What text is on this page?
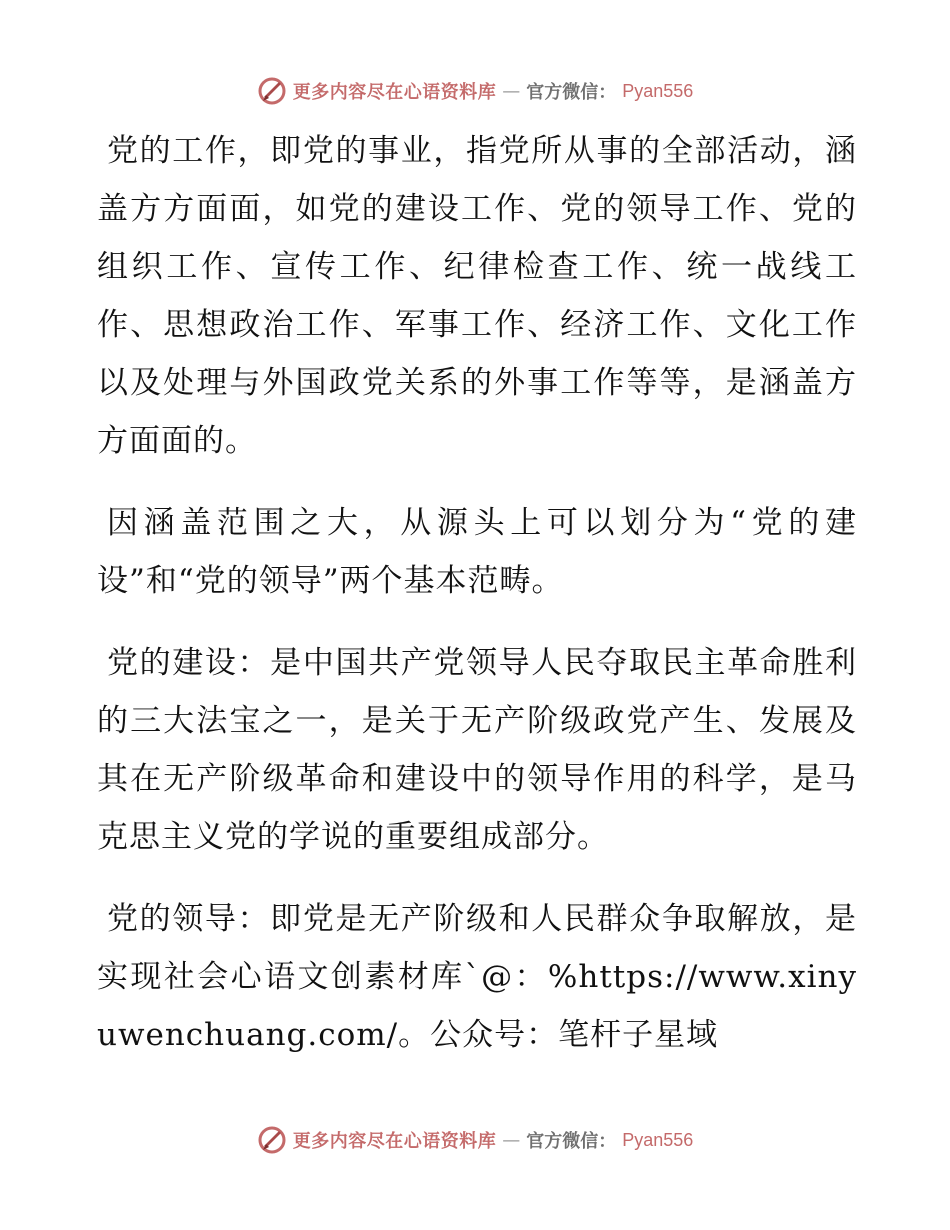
更多内容尽在心语资料库 — 官方微信： Pyan556

党的工作，即党的事业，指党所从事的全部活动，涵盖方方面面，如党的建设工作、党的领导工作、党的组织工作、宣传工作、纪律检查工作、统一战线工作、思想政治工作、军事工作、经济工作、文化工作以及处理与外国政党关系的外事工作等等，是涵盖方方面面的。

因涵盖范围之大，从源头上可以划分为“党的建设”和“党的领导”两个基本范畴。

党的建设：是中国共产党领导人民夺取民主革命胜利的三大法宝之一，是关于无产阶级政党产生、发展及其在无产阶级革命和建设中的领导作用的科学，是马克思主义党的学说的重要组成部分。

党的领导：即党是无产阶级和人民群众争取解放，是实现社会心语文创素材库`@：%https://www.xinyuwenchuang.com/。公众号：笔杆子星域

更多内容尽在心语资料库 — 官方微信： Pyan556
